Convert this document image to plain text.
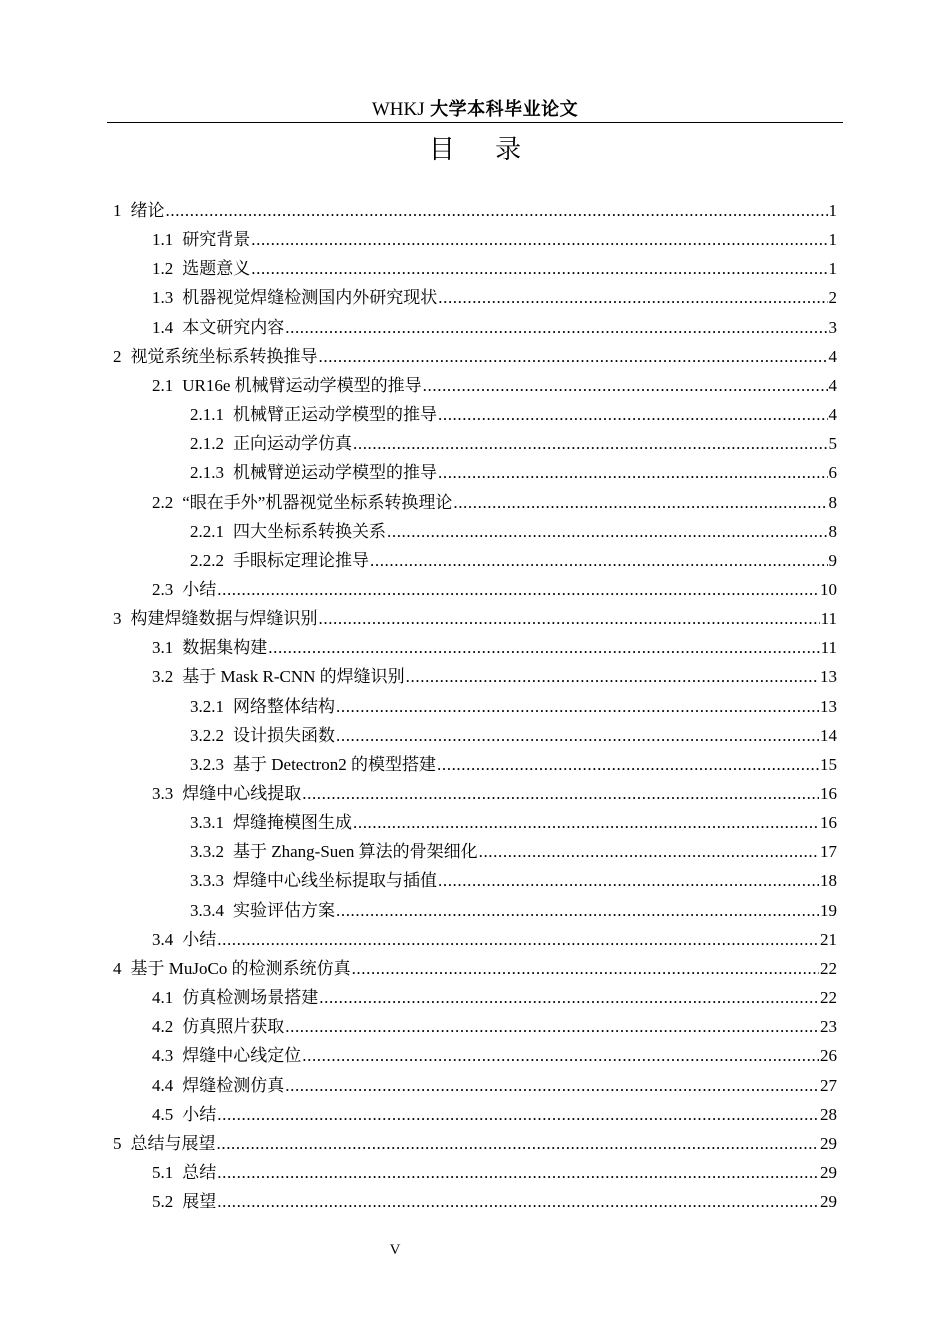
WHKJ 大学本科毕业论文
目 录
1 绪论 .....	1
1.1 研究背景 .....	1
1.2 选题意义 .....	1
1.3 机器视觉焊缝检测国内外研究现状 .....	2
1.4 本文研究内容 .....	3
2 视觉系统坐标系转换推导 .....	4
2.1 UR16e 机械臂运动学模型的推导 .....	4
2.1.1 机械臂正运动学模型的推导 .....	4
2.1.2 正向运动学仿真 .....	5
2.1.3 机械臂逆运动学模型的推导 .....	6
2.2 “眼在手外”机器视觉坐标系转换理论 .....	8
2.2.1 四大坐标系转换关系 .....	8
2.2.2 手眼标定理论推导 .....	9
2.3 小结 .....	10
3 构建焊缝数据与焊缝识别 .....	11
3.1 数据集构建 .....	11
3.2 基于 Mask R-CNN 的焊缝识别 .....	13
3.2.1 网络整体结构 .....	13
3.2.2 设计损失函数 .....	14
3.2.3 基于 Detectron2 的模型搭建 .....	15
3.3 焊缝中心线提取 .....	16
3.3.1 焊缝掩模图生成 .....	16
3.3.2 基于 Zhang-Suen 算法的骨架细化 .....	17
3.3.3 焊缝中心线坐标提取与插值 .....	18
3.3.4 实验评估方案 .....	19
3.4 小结 .....	21
4 基于 MuJoCo 的检测系统仿真 .....	22
4.1 仿真检测场景搭建 .....	22
4.2 仿真照片获取 .....	23
4.3 焊缝中心线定位 .....	26
4.4 焊缝检测仿真 .....	27
4.5 小结 .....	28
5 总结与展望 .....	29
5.1 总结 .....	29
5.2 展望 .....	29
V
